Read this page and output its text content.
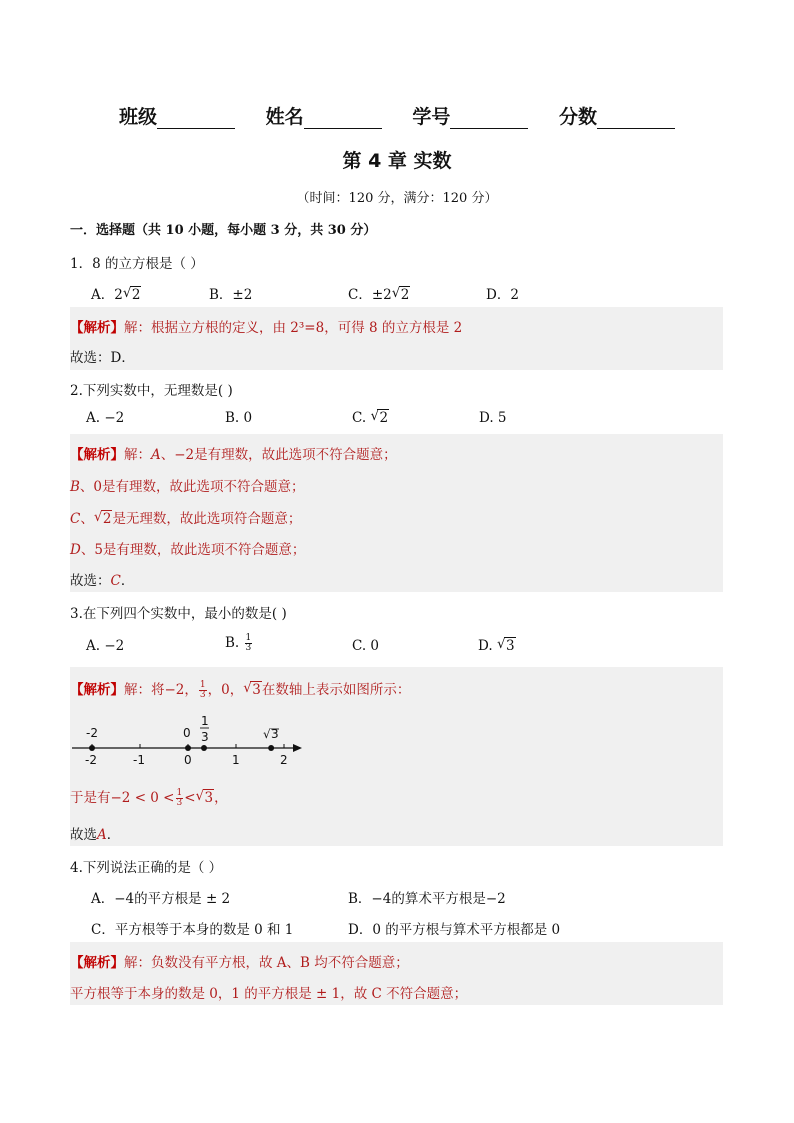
班级	姓名	学号	分数
第 4 章 实数
（时间：120 分，满分：120 分）
一．选择题（共 10 小题，每小题 3 分，共 30 分）
1．8 的立方根是（ ）
A．2 √ 2	B．±2	C．±2 √ 2	D．2
【解析】解：根据立方根的定义，由 2³=8，可得 8 的立方根是 2
故选：D．
2.下列实数中，无理数是( )
A. −2	B. 0	C. √ 2	D. 5
【解析】解：A、−2是有理数，故此选项不符合题意；
B、0是有理数，故此选项不符合题意；
C、 √ 2是无理数，故此选项符合题意；
D、5是有理数，故此选项不符合题意；
故选：C．
3.在下列四个实数中，最小的数是( )
A. −2	B. $\frac{1}{3}$	C. 0	D. √ 3
【解析】解：将−2， $\frac{1}{3}$ ，0， √ 3在数轴上表示如图所示：
-2	-1	0	1	2
-2	0
1
3	√ 3
于是有$-2 < 0 < \frac{1}{3}$ < √ 3，
故选A．
4.下列说法正确的是（ ）
A．−4的平方根是 ± 2	B．−4的算术平方根是−2
C．平方根等于本身的数是 0 和 1	D．0 的平方根与算术平方根都是 0
【解析】解：负数没有平方根，故 A、B 均不符合题意；
平方根等于本身的数是 0，1 的平方根是 ± 1，故 C 不符合题意；
